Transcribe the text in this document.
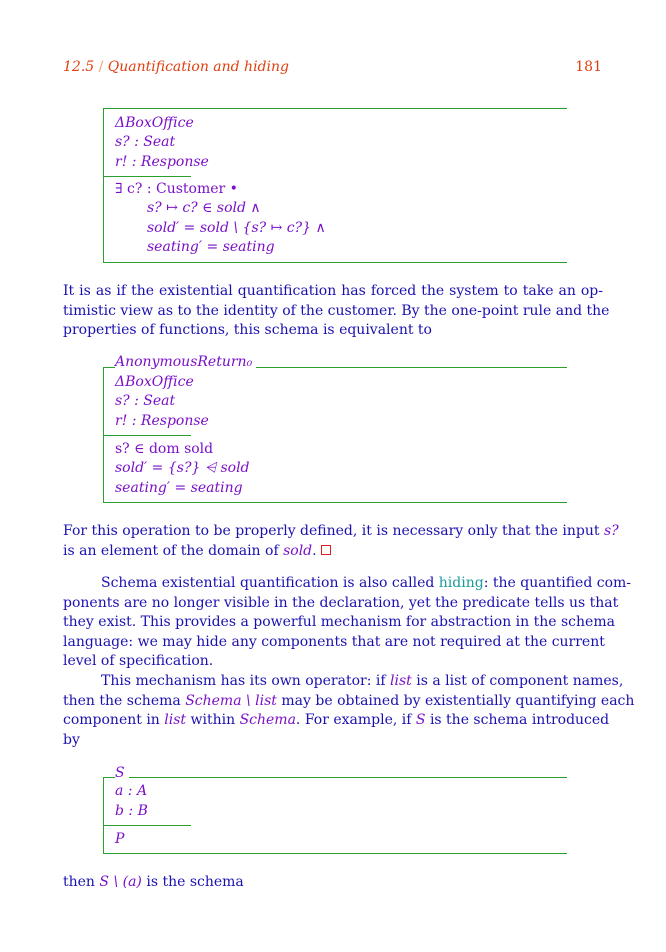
12.5 / Quantification and hiding	181
ΔBoxOffice
s? : Seat
r! : Response
∃ c? : Customer •
s? ↦ c? ∈ sold ∧
sold′ = sold \ {s? ↦ c?} ∧
seating′ = seating
It is as if the existential quantification has forced the system to take an op-
timistic view as to the identity of the customer. By the one-point rule and the
properties of functions, this schema is equivalent to
AnonymousReturn₀
ΔBoxOffice
s? : Seat
r! : Response
s? ∈ dom sold
sold′ = {s?} ⩤ sold
seating′ = seating
For this operation to be properly defined, it is necessary only that the input s?
is an element of the domain of sold.
Schema existential quantification is also called hiding: the quantified com-
ponents are no longer visible in the declaration, yet the predicate tells us that
they exist. This provides a powerful mechanism for abstraction in the schema
language: we may hide any components that are not required at the current
level of specification.
This mechanism has its own operator: if list is a list of component names,
then the schema Schema \ list may be obtained by existentially quantifying each
component in list within Schema. For example, if S is the schema introduced
by
S
a : A
b : B
P
then S \ (a) is the schema
